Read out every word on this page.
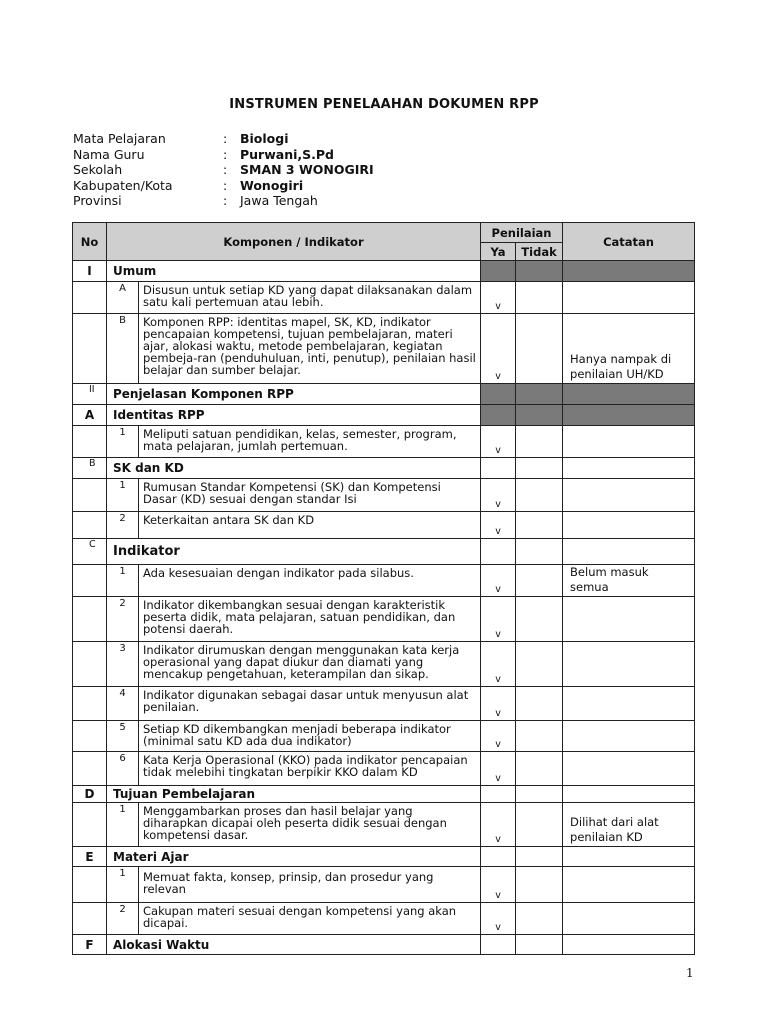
INSTRUMEN PENELAAHAN DOKUMEN RPP
Mata Pelajaran	: Biologi
Nama Guru	: Purwani,S.Pd
Sekolah	: SMAN 3 WONOGIRI
Kabupaten/Kota	: Wonogiri
Provinsi	: Jawa Tengah
No	Komponen / Indikator		Penilaian		Catatan
			Ya	Tidak	
I	Umum				
	A	Disusun untuk setiap KD yang dapat dilaksanakan dalam satu kali pertemuan atau lebih.	v		
	B	Komponen RPP: identitas mapel, SK, KD, indikator pencapaian kompetensi, tujuan pembelajaran, materi ajar, alokasi waktu, metode pembelajaran, kegiatan pembeja-ran (penduhuluan, inti, penutup), penilaian hasil belajar dan sumber belajar.	v		Hanya nampak di penilaian UH/KD
II	Penjelasan Komponen RPP				
A	Identitas RPP				
	1	Meliputi satuan pendidikan, kelas, semester, program, mata pelajaran, jumlah pertemuan.	v		
B	SK dan KD				
	1	Rumusan Standar Kompetensi (SK) dan Kompetensi Dasar (KD) sesuai dengan standar Isi	v		
	2	Keterkaitan antara SK dan KD	v		
C	Indikator				
	1	Ada kesesuaian dengan indikator pada silabus.	v		Belum masuk semua
	2	Indikator dikembangkan sesuai dengan karakteristik peserta didik, mata pelajaran, satuan pendidikan, dan potensi daerah.	v		
	3	Indikator dirumuskan dengan menggunakan kata kerja operasional yang dapat diukur dan diamati yang mencakup pengetahuan, keterampilan dan sikap.	v		
	4	Indikator digunakan sebagai dasar untuk menyusun alat penilaian.	v		
	5	Setiap KD dikembangkan menjadi beberapa indikator (minimal satu KD ada dua indikator)	v		
	6	Kata Kerja Operasional (KKO) pada indikator pencapaian tidak melebihi tingkatan berpikir KKO dalam KD	v		
D	Tujuan Pembelajaran				
	1	Menggambarkan proses dan hasil belajar yang diharapkan dicapai oleh peserta didik sesuai dengan kompetensi dasar.	v		Dilihat dari alat penilaian KD
E	Materi Ajar				
	1	Memuat fakta, konsep, prinsip, dan prosedur yang relevan	v		
	2	Cakupan materi sesuai dengan kompetensi yang akan dicapai.	v		
F	Alokasi Waktu				
1
